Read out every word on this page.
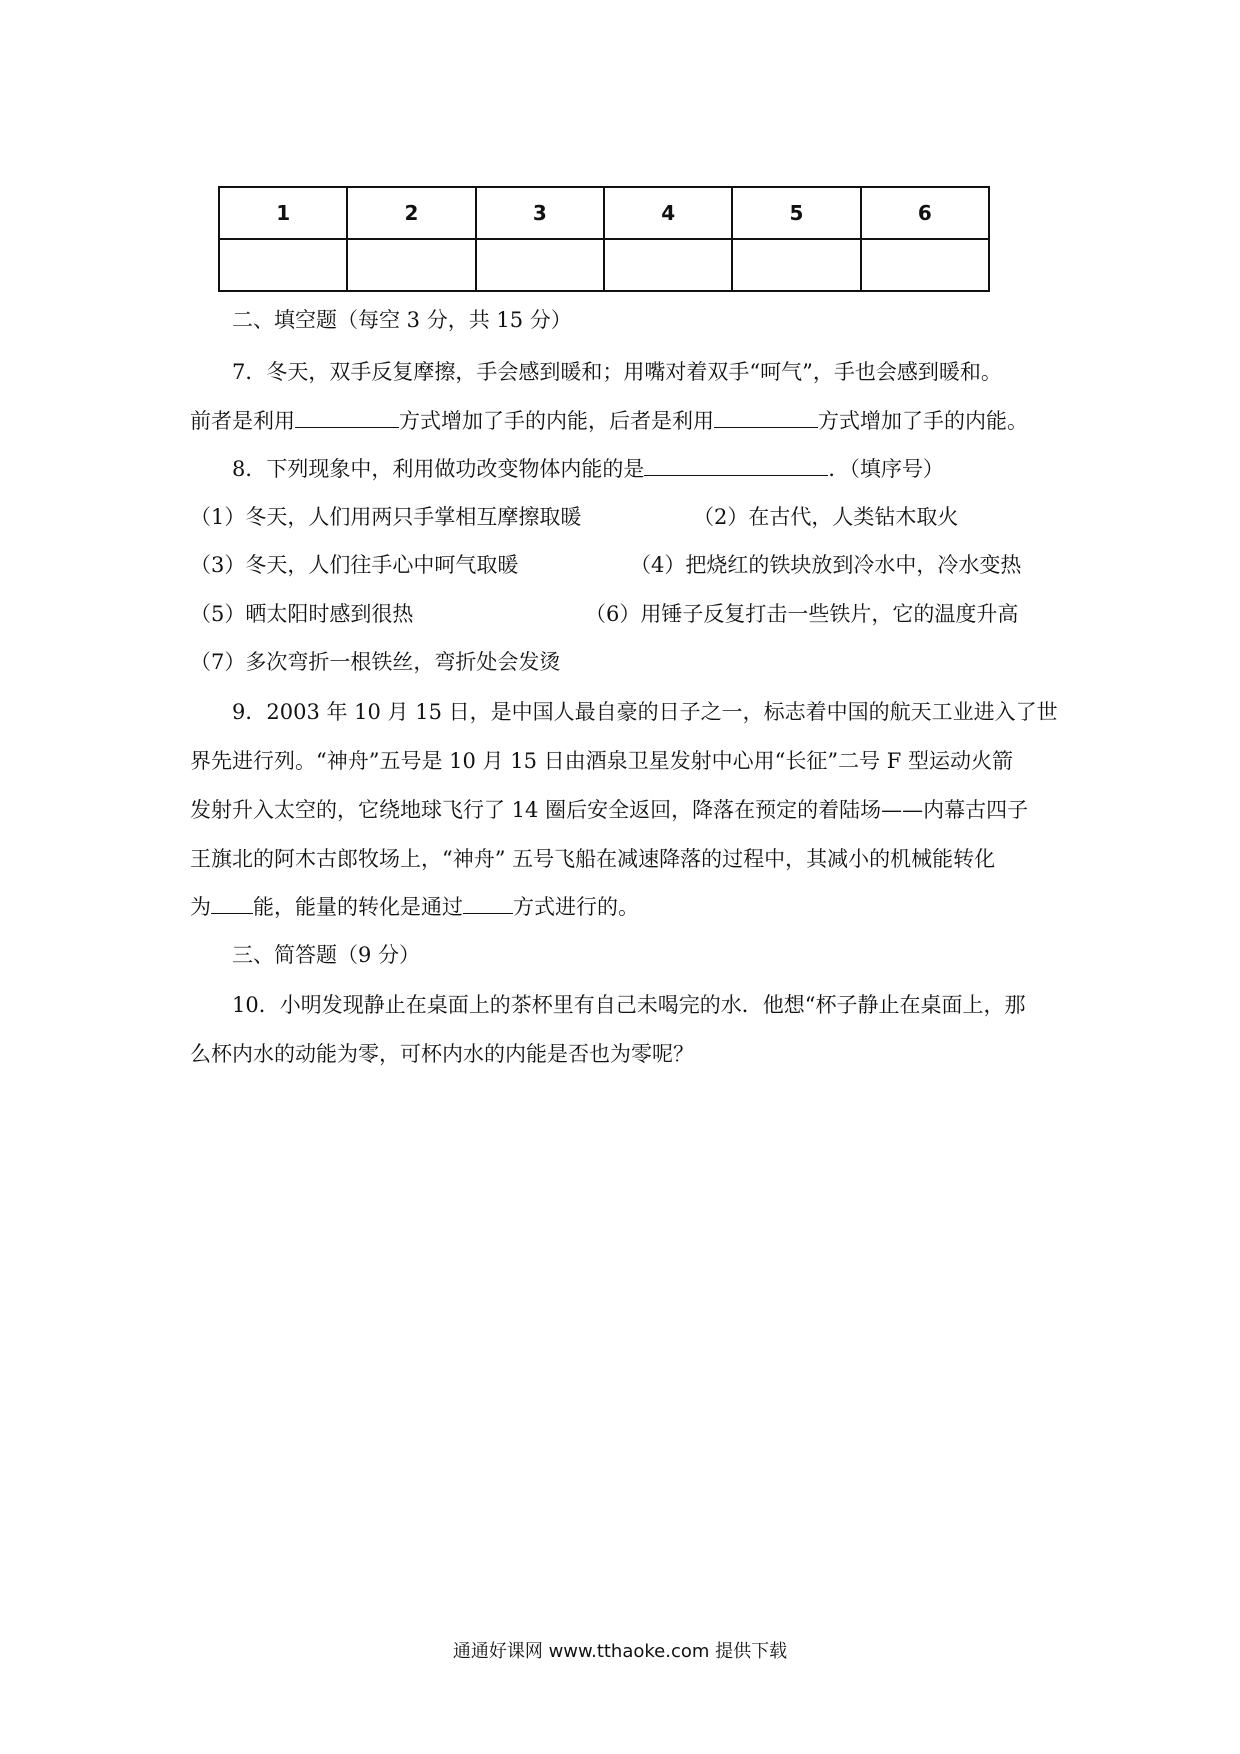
1	2	3	4	5	6

二、填空题（每空 3 分，共 15 分）
7．冬天，双手反复摩擦，手会感到暖和；用嘴对着双手“呵气”，手也会感到暖和。
前者是利用	方式增加了手的内能，后者是利用	方式增加了手的内能。
8．下列现象中，利用做功改变物体内能的是	．（填序号）
（1）冬天，人们用两只手掌相互摩擦取暖	（2）在古代，人类钻木取火
（3）冬天，人们往手心中呵气取暖	（4）把烧红的铁块放到冷水中，冷水变热
（5）晒太阳时感到很热	（6）用锤子反复打击一些铁片，它的温度升高
（7）多次弯折一根铁丝，弯折处会发烫
9．2003 年 10 月 15 日，是中国人最自豪的日子之一，标志着中国的航天工业进入了世
界先进行列。“神舟”五号是 10 月 15 日由酒泉卫星发射中心用“长征”二号 F 型运动火箭
发射升入太空的，它绕地球飞行了 14 圈后安全返回，降落在预定的着陆场——内幕古四子
王旗北的阿木古郎牧场上，“神舟” 五号飞船在减速降落的过程中，其减小的机械能转化
为 能，能量的转化是通过 方式进行的。
三、简答题（9 分）
10．小明发现静止在桌面上的茶杯里有自己未喝完的水．他想“杯子静止在桌面上，那
么杯内水的动能为零，可杯内水的内能是否也为零呢？
通通好课网 www.tthaoke.com 提供下载
